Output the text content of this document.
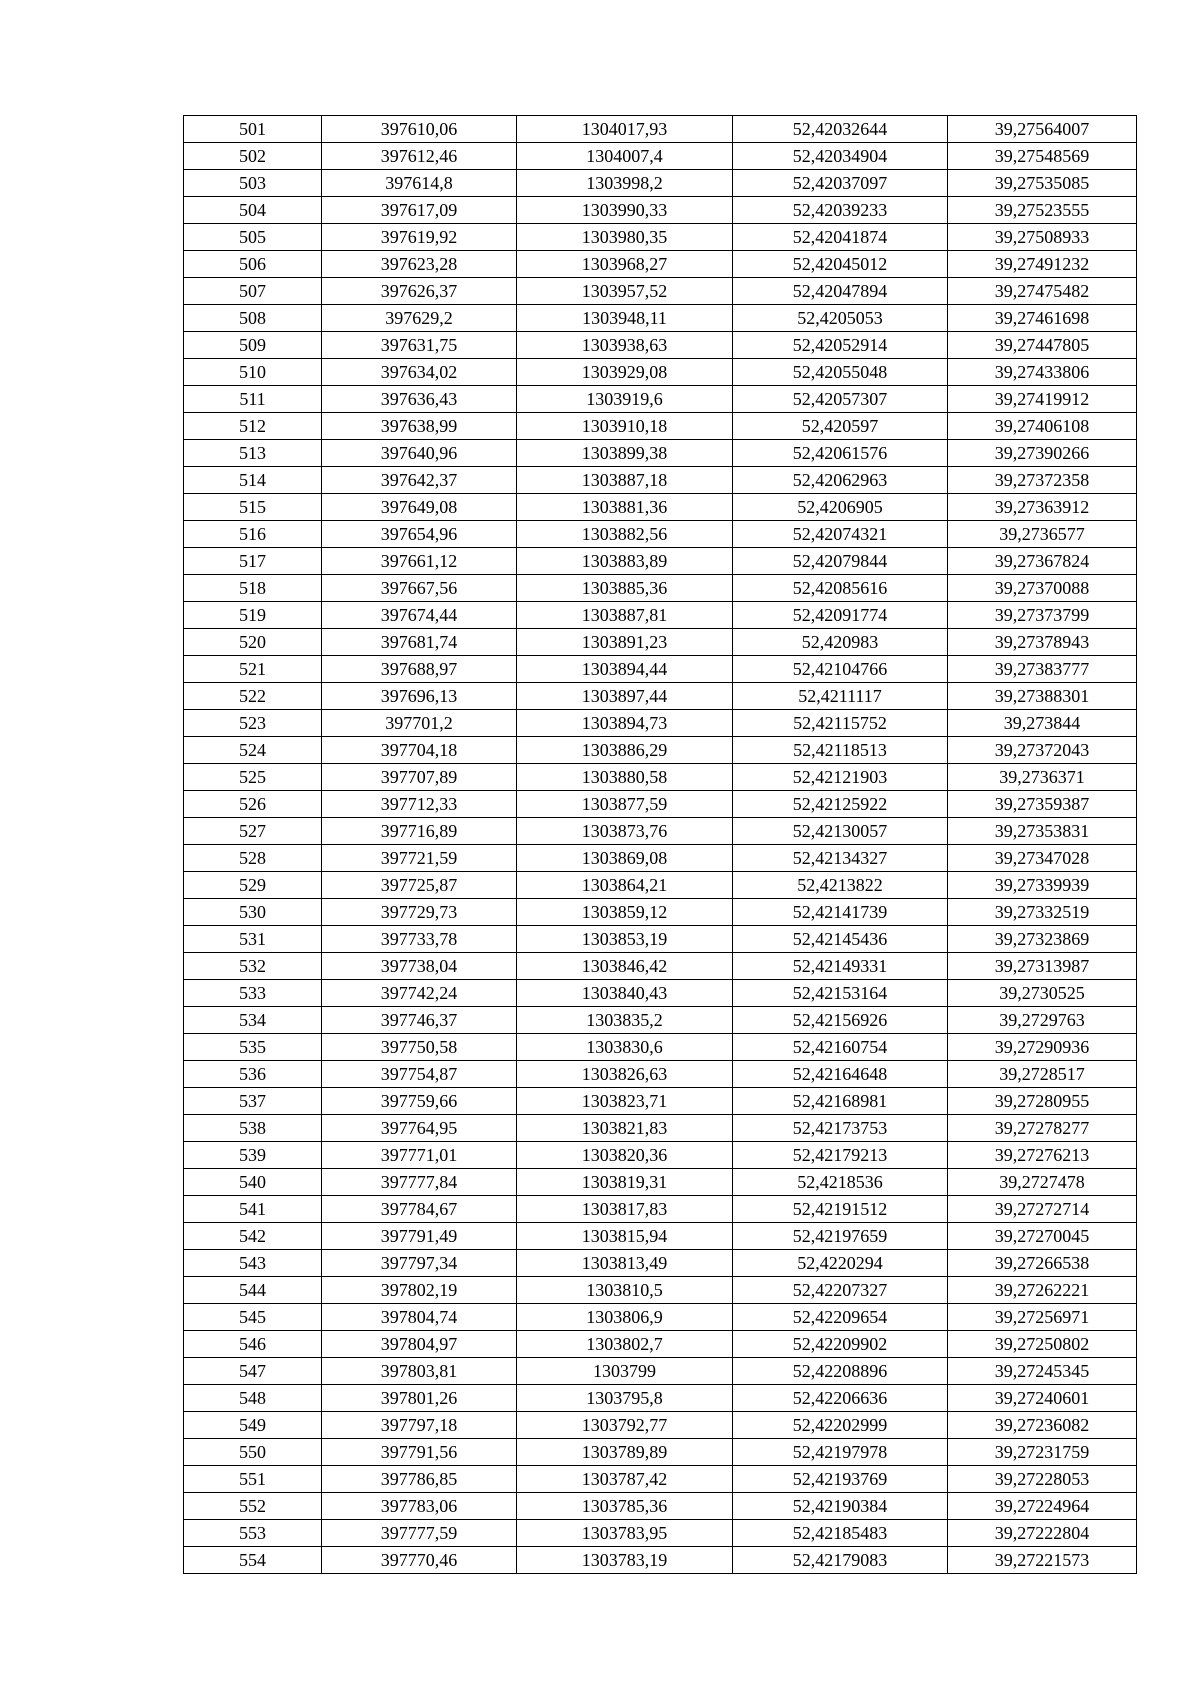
501	397610,06	1304017,93	52,42032644	39,27564007
502	397612,46	1304007,4	52,42034904	39,27548569
503	397614,8	1303998,2	52,42037097	39,27535085
504	397617,09	1303990,33	52,42039233	39,27523555
505	397619,92	1303980,35	52,42041874	39,27508933
506	397623,28	1303968,27	52,42045012	39,27491232
507	397626,37	1303957,52	52,42047894	39,27475482
508	397629,2	1303948,11	52,4205053	39,27461698
509	397631,75	1303938,63	52,42052914	39,27447805
510	397634,02	1303929,08	52,42055048	39,27433806
511	397636,43	1303919,6	52,42057307	39,27419912
512	397638,99	1303910,18	52,420597	39,27406108
513	397640,96	1303899,38	52,42061576	39,27390266
514	397642,37	1303887,18	52,42062963	39,27372358
515	397649,08	1303881,36	52,4206905	39,27363912
516	397654,96	1303882,56	52,42074321	39,2736577
517	397661,12	1303883,89	52,42079844	39,27367824
518	397667,56	1303885,36	52,42085616	39,27370088
519	397674,44	1303887,81	52,42091774	39,27373799
520	397681,74	1303891,23	52,420983	39,27378943
521	397688,97	1303894,44	52,42104766	39,27383777
522	397696,13	1303897,44	52,4211117	39,27388301
523	397701,2	1303894,73	52,42115752	39,273844
524	397704,18	1303886,29	52,42118513	39,27372043
525	397707,89	1303880,58	52,42121903	39,2736371
526	397712,33	1303877,59	52,42125922	39,27359387
527	397716,89	1303873,76	52,42130057	39,27353831
528	397721,59	1303869,08	52,42134327	39,27347028
529	397725,87	1303864,21	52,4213822	39,27339939
530	397729,73	1303859,12	52,42141739	39,27332519
531	397733,78	1303853,19	52,42145436	39,27323869
532	397738,04	1303846,42	52,42149331	39,27313987
533	397742,24	1303840,43	52,42153164	39,2730525
534	397746,37	1303835,2	52,42156926	39,2729763
535	397750,58	1303830,6	52,42160754	39,27290936
536	397754,87	1303826,63	52,42164648	39,2728517
537	397759,66	1303823,71	52,42168981	39,27280955
538	397764,95	1303821,83	52,42173753	39,27278277
539	397771,01	1303820,36	52,42179213	39,27276213
540	397777,84	1303819,31	52,4218536	39,2727478
541	397784,67	1303817,83	52,42191512	39,27272714
542	397791,49	1303815,94	52,42197659	39,27270045
543	397797,34	1303813,49	52,4220294	39,27266538
544	397802,19	1303810,5	52,42207327	39,27262221
545	397804,74	1303806,9	52,42209654	39,27256971
546	397804,97	1303802,7	52,42209902	39,27250802
547	397803,81	1303799	52,42208896	39,27245345
548	397801,26	1303795,8	52,42206636	39,27240601
549	397797,18	1303792,77	52,42202999	39,27236082
550	397791,56	1303789,89	52,42197978	39,27231759
551	397786,85	1303787,42	52,42193769	39,27228053
552	397783,06	1303785,36	52,42190384	39,27224964
553	397777,59	1303783,95	52,42185483	39,27222804
554	397770,46	1303783,19	52,42179083	39,27221573
